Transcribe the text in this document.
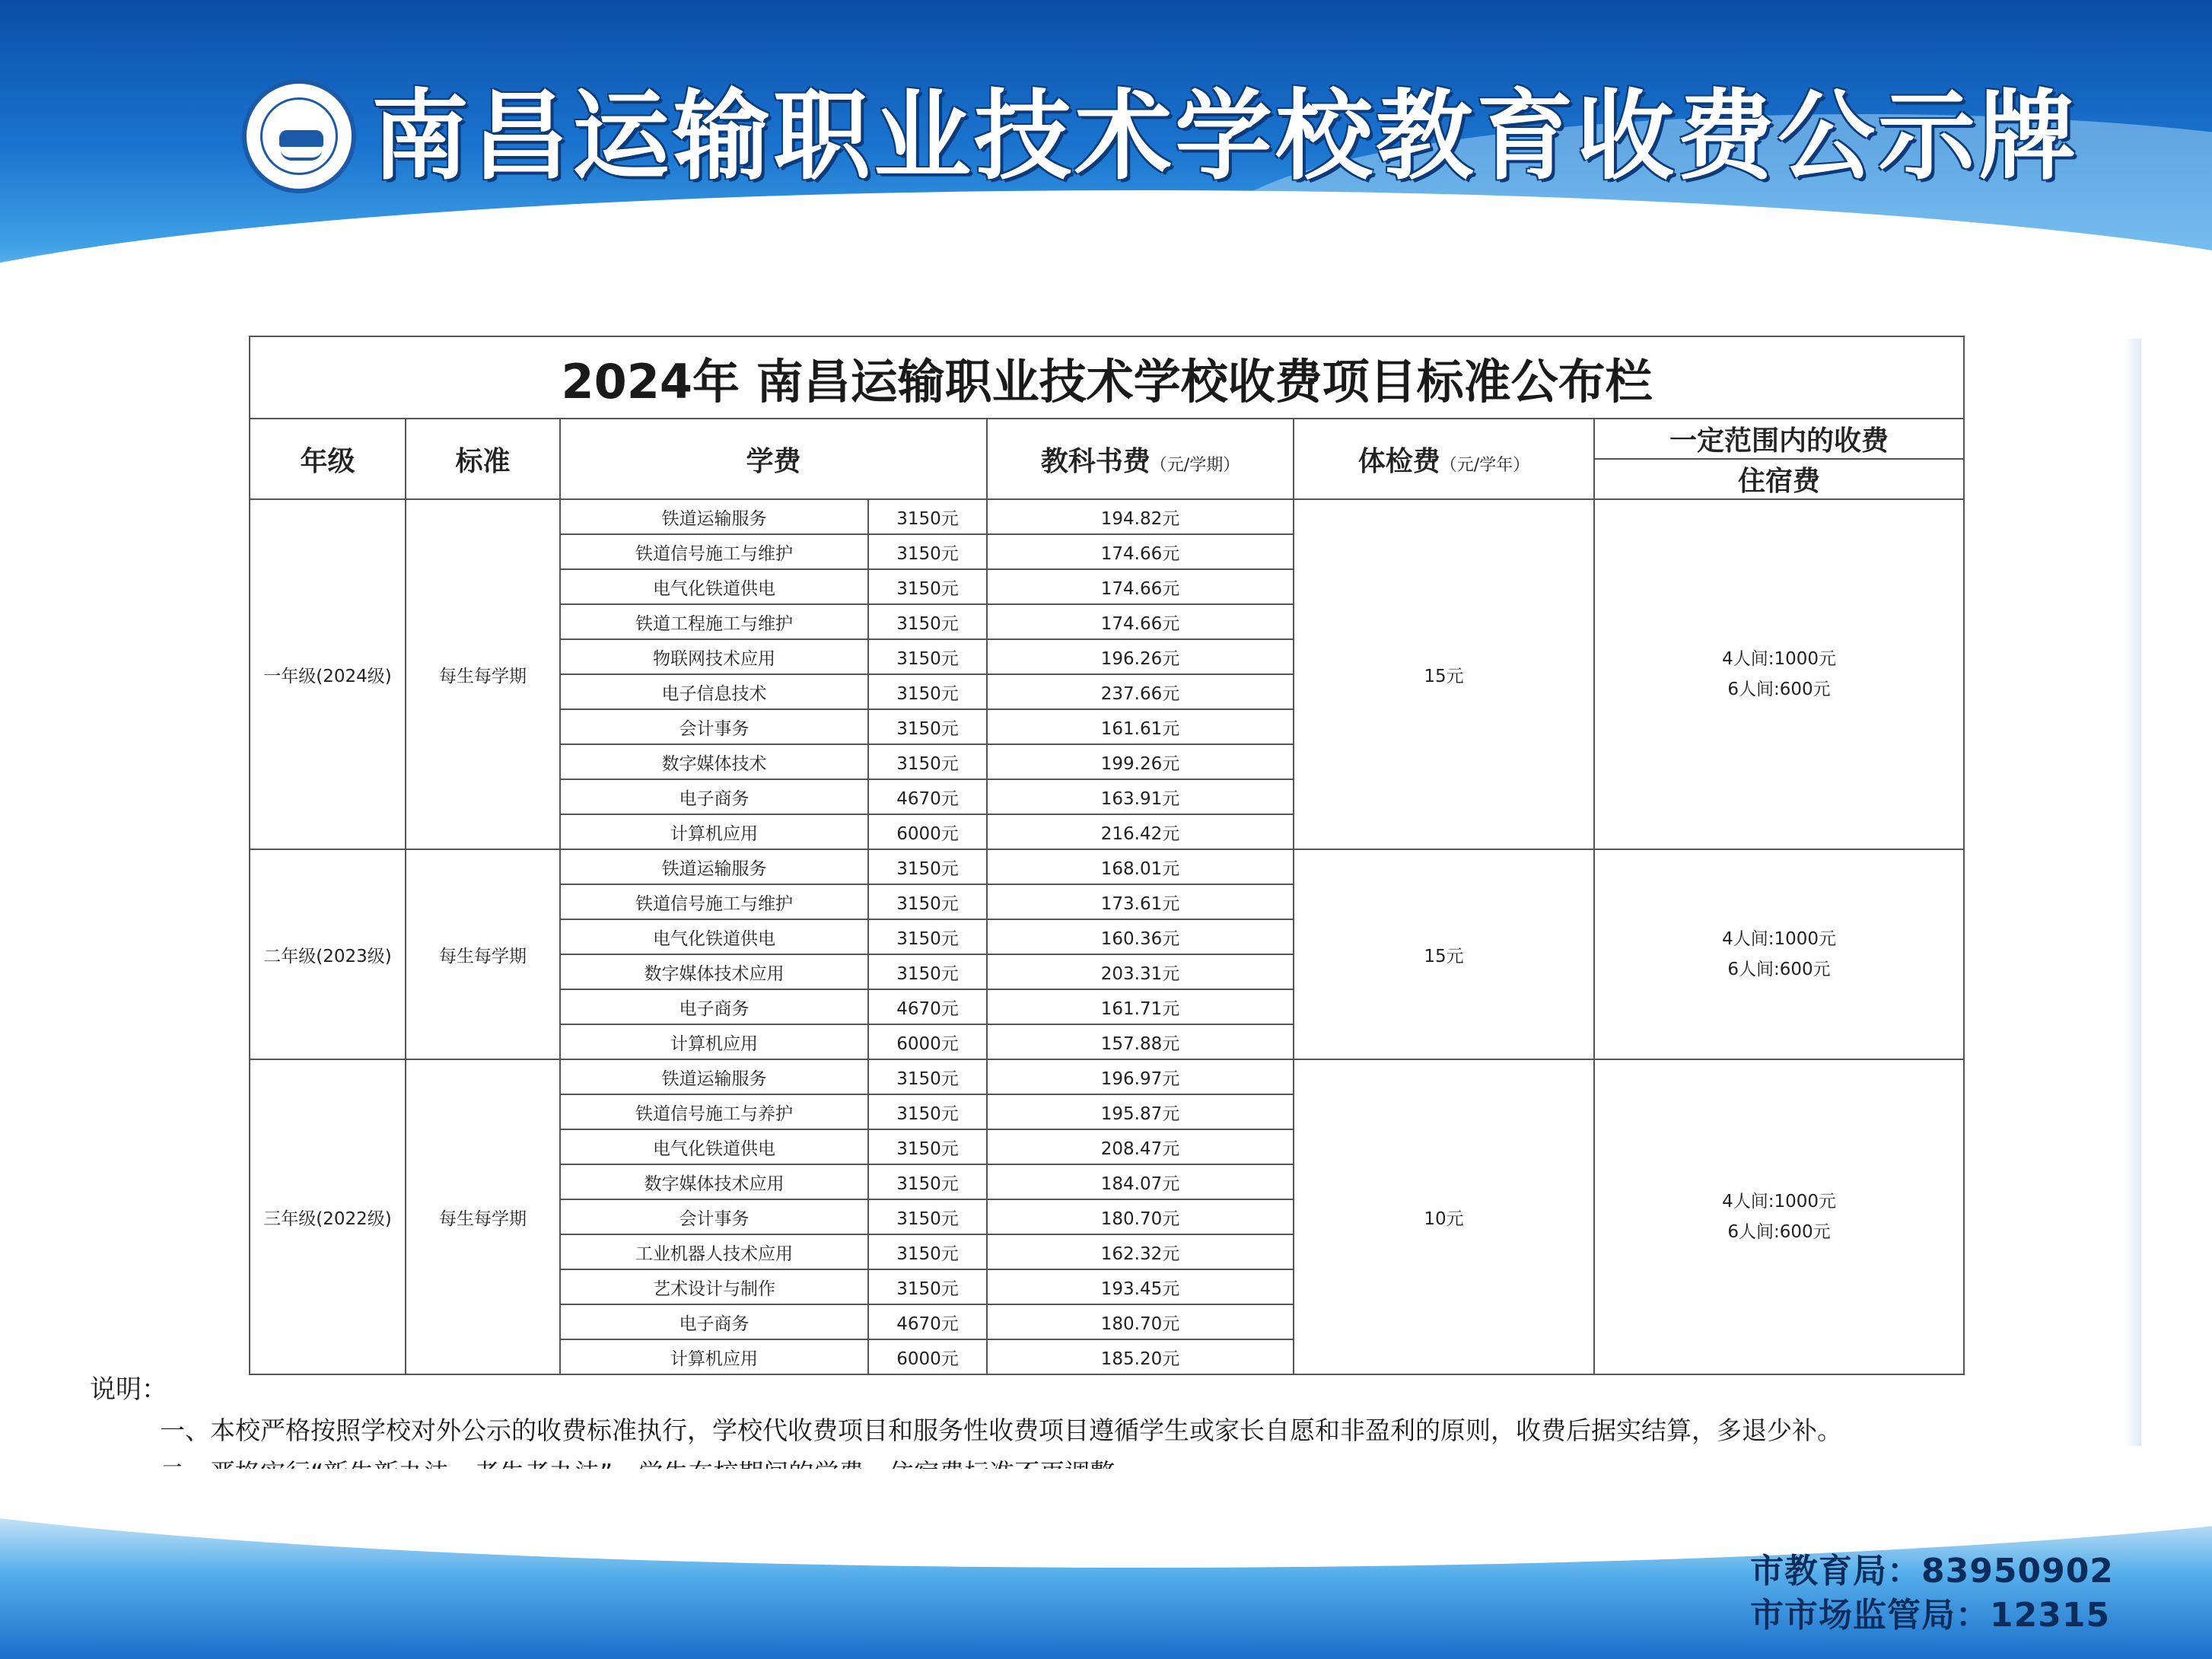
南昌运输职业技术学校教育收费公示牌
2024年 南昌运输职业技术学校收费项目标准公布栏						
年级	标准	学费		教科书费（元/学期）	体检费（元/学年）	一定范围内的收费
						住宿费
一年级(2024级)	每生每学期	铁道运输服务	3150元	194.82元	15元	4人间:1000元
6人间:600元

		铁道信号施工与维护	3150元	174.66元		
		电气化铁道供电	3150元	174.66元		
		铁道工程施工与维护	3150元	174.66元		
		物联网技术应用	3150元	196.26元		
		电子信息技术	3150元	237.66元		
		会计事务	3150元	161.61元		
		数字媒体技术	3150元	199.26元		
		电子商务	4670元	163.91元		
		计算机应用	6000元	216.42元		
二年级(2023级)	每生每学期	铁道运输服务	3150元	168.01元	15元	4人间:1000元
6人间:600元

		铁道信号施工与维护	3150元	173.61元		
		电气化铁道供电	3150元	160.36元		
		数字媒体技术应用	3150元	203.31元		
		电子商务	4670元	161.71元		
		计算机应用	6000元	157.88元		
三年级(2022级)	每生每学期	铁道运输服务	3150元	196.97元	10元	4人间:1000元
6人间:600元

		铁道信号施工与养护	3150元	195.87元		
		电气化铁道供电	3150元	208.47元		
		数字媒体技术应用	3150元	184.07元		
		会计事务	3150元	180.70元		
		工业机器人技术应用	3150元	162.32元		
		艺术设计与制作	3150元	193.45元		
		电子商务	4670元	180.70元		
		计算机应用	6000元	185.20元		
说明：
一、本校严格按照学校对外公示的收费标准执行，学校代收费项目和服务性收费项目遵循学生或家长自愿和非盈利的原则，收费后据实结算，多退少补。
市教育局：83950902
市市场监管局：12315
